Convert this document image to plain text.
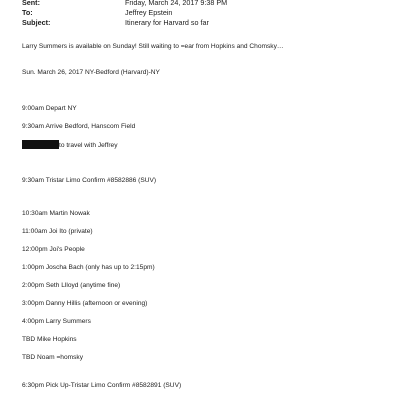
Sent:	Friday, March 24, 2017 9:38 PM
To:	Jeffrey Epstein
Subject:	Itinerary for Harvard so far
Larry Summers is available on Sunday! Still waiting to =ear from Hopkins and Chomsky…
Sun. March 26, 2017 NY-Bedford (Harvard)-NY
9:00am Depart NY
9:30am Arrive Bedford, Hanscom Field
to travel with Jeffrey
9:30am Tristar Limo Confirm #8582886 (SUV)
10:30am Martin Nowak
11:00am Joi Ito (private)
12:00pm Joi's People
1:00pm Joscha Bach (only has up to 2:15pm)
2:00pm Seth Llloyd (anytime fine)
3:00pm Danny Hillis (afternoon or evening)
4:00pm Larry Summers
TBD Mike Hopkins
TBD Noam =homsky
6:30pm Pick Up-Tristar Limo Confirm #8582891 (SUV)
